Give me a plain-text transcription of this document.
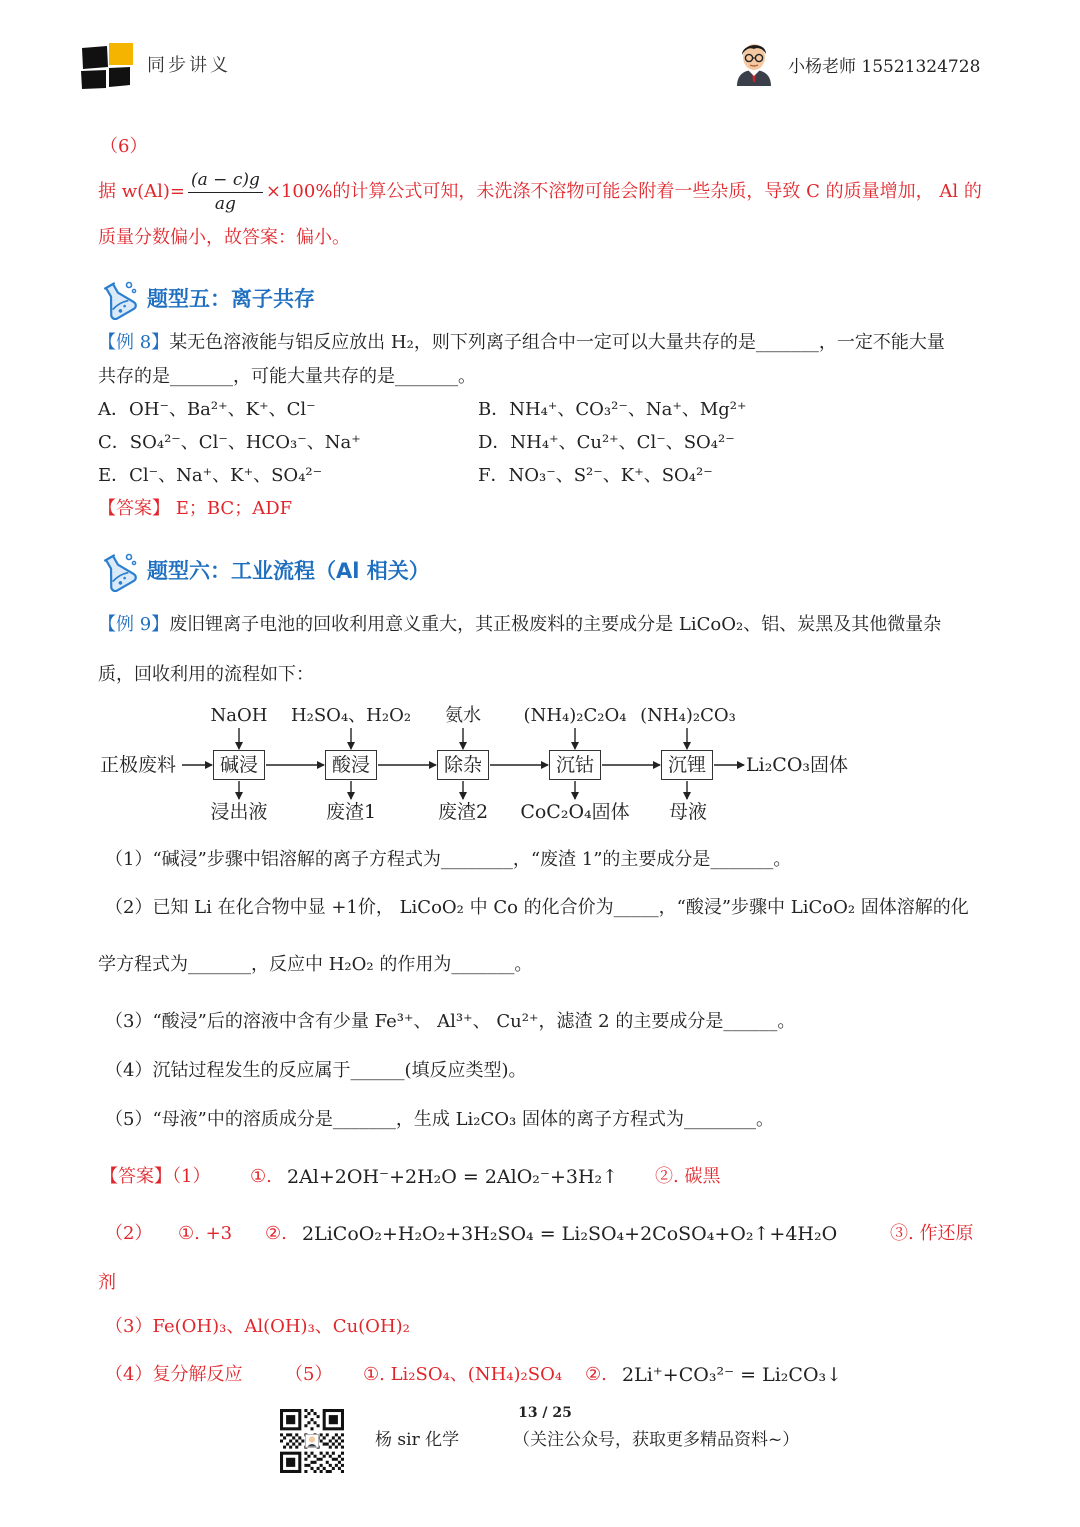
同步讲义	小杨老师 15521324728
（6）
据 $w(Al)= \frac{(a - c)g}{ag} \times 100\%$的计算公式可知，未洗涤不溶物可能会附着一些杂质，导致 C 的质量增加， Al 的
质量分数偏小，故答案：偏小。
题型五：离子共存
【例 8】某无色溶液能与铝反应放出 H₂，则下列离子组合中一定可以大量共存的是_______，一定不能大量
共存的是_______，可能大量共存的是_______。
A．OH⁻、Ba²⁺、K⁺、Cl⁻	B．NH₄⁺、CO₃²⁻、Na⁺、Mg²⁺
C．SO₄²⁻、Cl⁻、HCO₃⁻、Na⁺	D．NH₄⁺、Cu²⁺、Cl⁻、SO₄²⁻
E．Cl⁻、Na⁺、K⁺、SO₄²⁻	F．NO₃⁻、S²⁻、K⁺、SO₄²⁻
【答案】 E；BC；ADF
题型六：工业流程（Al 相关）
【例 9】废旧锂离子电池的回收利用意义重大，其正极废料的主要成分是 LiCoO₂、铝、炭黑及其他微量杂
质，回收利用的流程如下：
正极废料
NaOH	H₂SO₄、H₂O₂	氨水	(NH₄)₂C₂O₄ (NH₄)₂CO₃
碱浸	酸浸	除杂	沉钴	沉锂	Li₂CO₃固体
浸出液	废渣1	废渣2	CoC₂O₄固体	母液
（1）“碱浸”步骤中铝溶解的离子方程式为________，“废渣 1”的主要成分是_______。
（2）已知 Li 在化合物中显 +1价， LiCoO₂ 中 Co 的化合价为_____，“酸浸”步骤中 LiCoO₂ 固体溶解的化
学方程式为_______，反应中 H₂O₂ 的作用为_______。
（3）“酸浸”后的溶液中含有少量 Fe³⁺、 Al³⁺、 Cu²⁺，滤渣 2 的主要成分是______。
（4）沉钴过程发生的反应属于______(填反应类型)。
（5）“母液”中的溶质成分是_______，生成 Li₂CO₃ 固体的离子方程式为________。
【答案】（1） ①. 2Al+2OH⁻+2H₂O = 2AlO₂⁻+3H₂↑ ②. 碳黑
（2） ①. +3 ②. 2LiCoO₂+H₂O₂+3H₂SO₄ = Li₂SO₄+2CoSO₄+O₂↑+4H₂O	③. 作还原
剂
（3）Fe(OH)₃、Al(OH)₃、Cu(OH)₂
（4）复分解反应 （5） ①. Li₂SO₄、(NH₄)₂SO₄ ②. 2Li⁺+CO₃²⁻ = Li₂CO₃↓
13 / 25
杨 sir 化学	（关注公众号，获取更多精品资料~）
